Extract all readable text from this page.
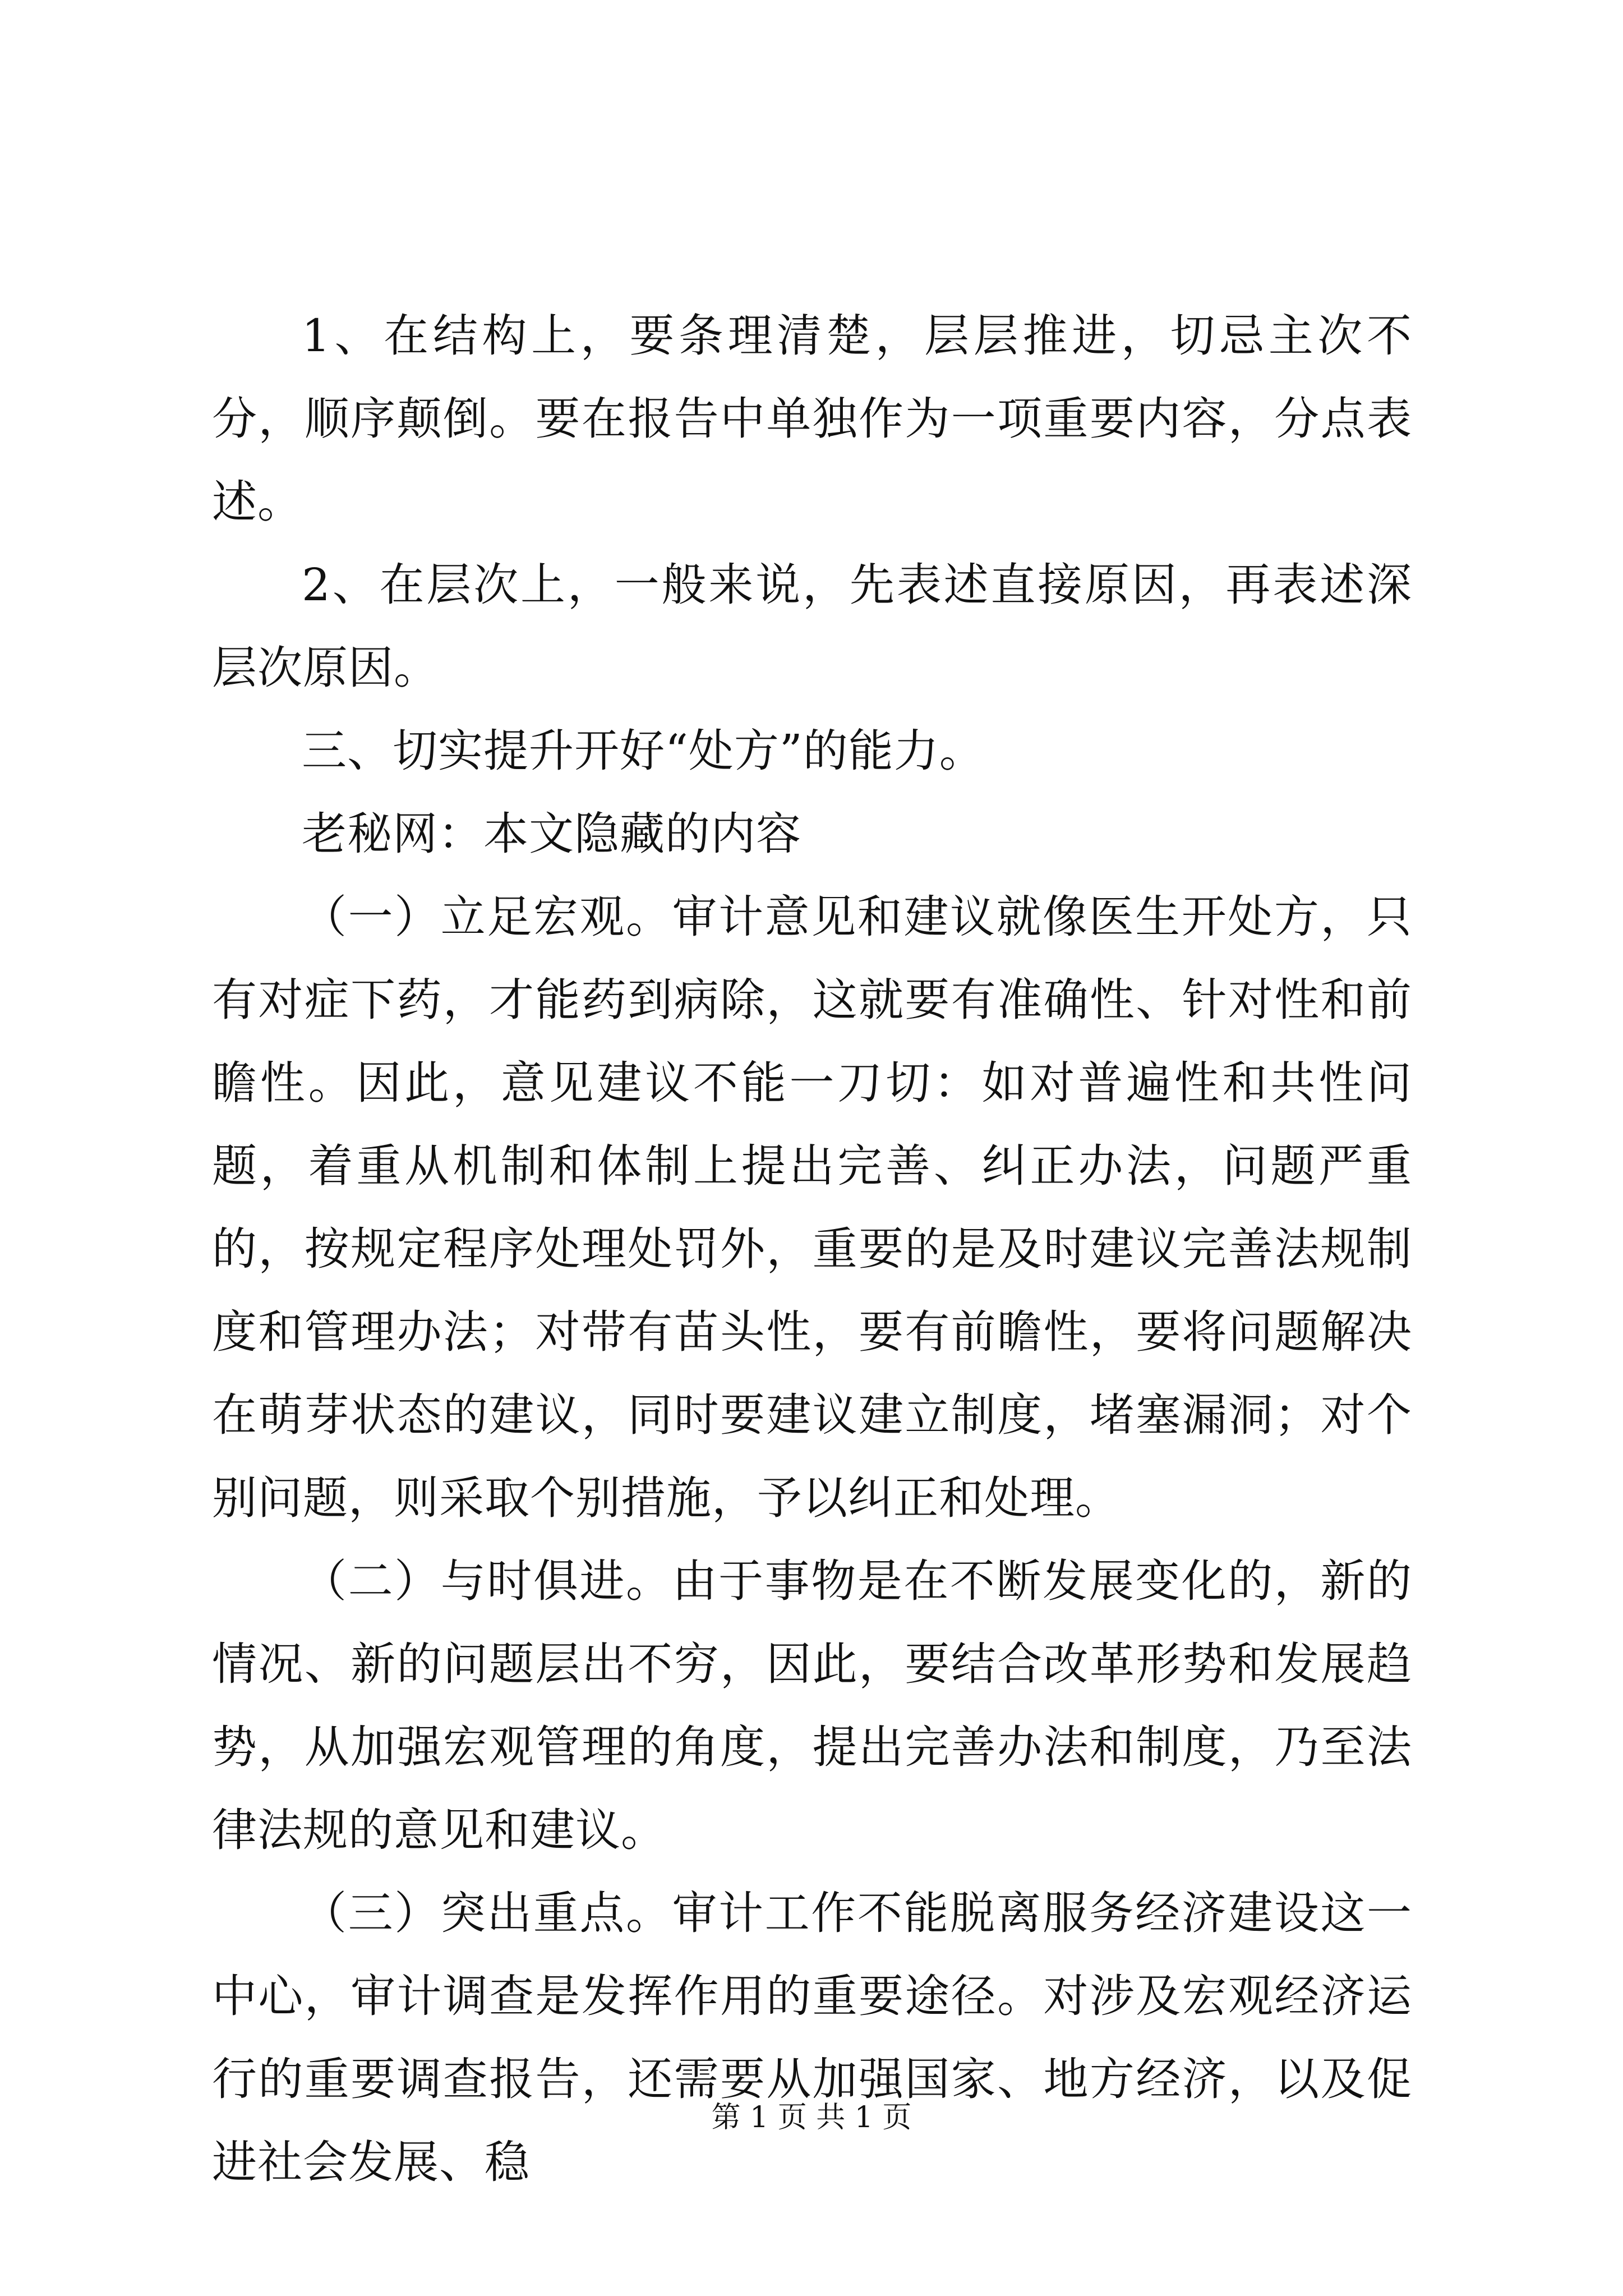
1、在结构上，要条理清楚，层层推进，切忌主次不分，顺序颠倒。要在报告中单独作为一项重要内容，分点表述。

2、在层次上，一般来说，先表述直接原因，再表述深层次原因。

三、切实提升开好“处方”的能力。

老秘网：本文隐藏的内容

（一）立足宏观。审计意见和建议就像医生开处方，只有对症下药，才能药到病除，这就要有准确性、针对性和前瞻性。因此，意见建议不能一刀切：如对普遍性和共性问题，着重从机制和体制上提出完善、纠正办法，问题严重的，按规定程序处理处罚外，重要的是及时建议完善法规制度和管理办法；对带有苗头性，要有前瞻性，要将问题解决在萌芽状态的建议，同时要建议建立制度，堵塞漏洞；对个别问题，则采取个别措施，予以纠正和处理。

（二）与时俱进。由于事物是在不断发展变化的，新的情况、新的问题层出不穷，因此，要结合改革形势和发展趋势，从加强宏观管理的角度，提出完善办法和制度，乃至法律法规的意见和建议。

（三）突出重点。审计工作不能脱离服务经济建设这一中心，审计调查是发挥作用的重要途径。对涉及宏观经济运行的重要调查报告，还需要从加强国家、地方经济，以及促进社会发展、稳

第 1 页 共 1 页
